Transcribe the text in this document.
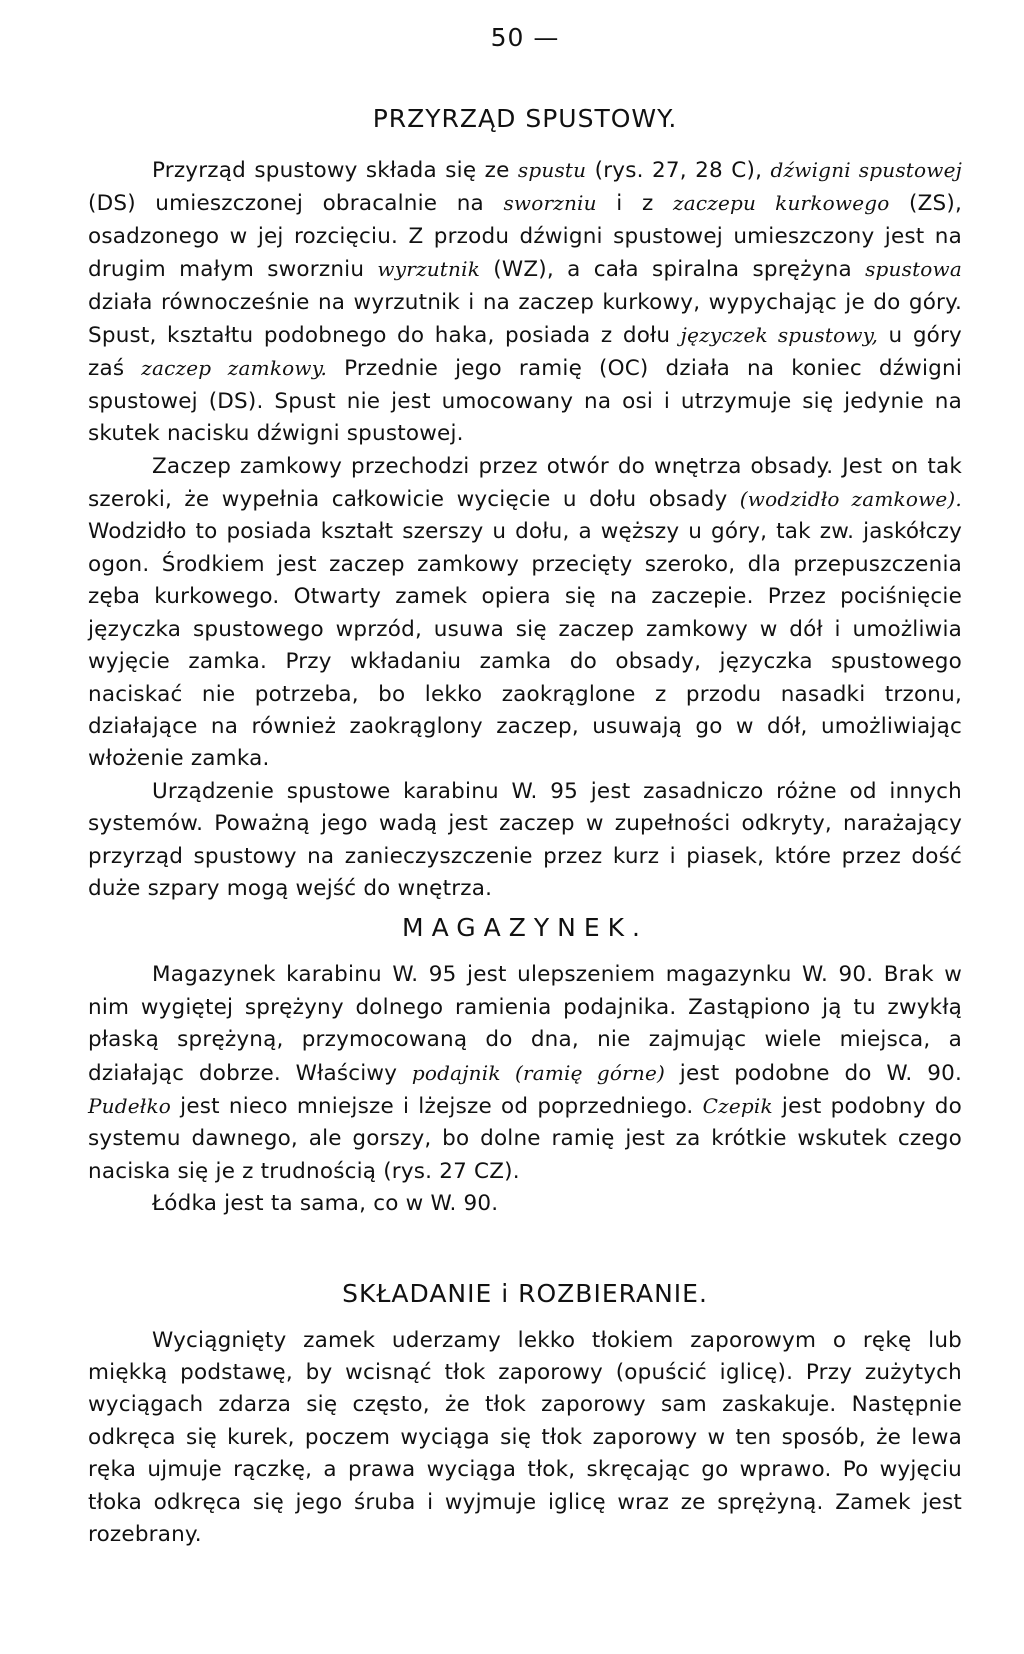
50 —
PRZYRZĄD SPUSTOWY.

Przyrząd spustowy składa się ze spustu (rys. 27, 28 C), dźwigni spustowej (DS) umieszczonej obracalnie na sworzniu i z zaczepu kurkowego (ZS), osadzonego w jej rozcięciu. Z przodu dźwigni spustowej umieszczony jest na drugim małym sworzniu wyrzutnik (WZ), a cała spiralna sprężyna spustowa działa równocześnie na wyrzutnik i na zaczep kurkowy, wypychając je do góry. Spust, kształtu podobnego do haka, posiada z dołu języczek spustowy, u góry zaś zaczep zamkowy. Przednie jego ramię (OC) działa na koniec dźwigni spustowej (DS). Spust nie jest umocowany na osi i utrzymuje się jedynie na skutek nacisku dźwigni spustowej.

Zaczep zamkowy przechodzi przez otwór do wnętrza obsady. Jest on tak szeroki, że wypełnia całkowicie wycięcie u dołu obsady (wodzidło zamkowe). Wodzidło to posiada kształt szerszy u dołu, a węższy u góry, tak zw. jaskółczy ogon. Środkiem jest zaczep zamkowy przecięty szeroko, dla przepuszczenia zęba kurkowego. Otwarty zamek opiera się na zaczepie. Przez pociśnięcie języczka spustowego wprzód, usuwa się zaczep zamkowy w dół i umożliwia wyjęcie zamka. Przy wkładaniu zamka do obsady, języczka spustowego naciskać nie potrzeba, bo lekko zaokrąglone z przodu nasadki trzonu, działające na również zaokrąglony zaczep, usuwają go w dół, umożliwiając włożenie zamka.

Urządzenie spustowe karabinu W. 95 jest zasadniczo różne od innych systemów. Poważną jego wadą jest zaczep w zupełności odkryty, narażający przyrząd spustowy na zanieczyszczenie przez kurz i piasek, które przez dość duże szpary mogą wejść do wnętrza.

MAGAZYNEK.

Magazynek karabinu W. 95 jest ulepszeniem magazynku W. 90. Brak w nim wygiętej sprężyny dolnego ramienia podajnika. Zastąpiono ją tu zwykłą płaską sprężyną, przymocowaną do dna, nie zajmując wiele miejsca, a działając dobrze. Właściwy podajnik (ramię górne) jest podobne do W. 90. Pudełko jest nieco mniejsze i lżejsze od poprzedniego. Czepik jest podobny do systemu dawnego, ale gorszy, bo dolne ramię jest za krótkie wskutek czego naciska się je z trudnością (rys. 27 CZ).

Łódka jest ta sama, co w W. 90.

SKŁADANIE i ROZBIERANIE.

Wyciągnięty zamek uderzamy lekko tłokiem zaporowym o rękę lub miękką podstawę, by wcisnąć tłok zaporowy (opuścić iglicę). Przy zużytych wyciągach zdarza się często, że tłok zaporowy sam zaskakuje. Następnie odkręca się kurek, poczem wyciąga się tłok zaporowy w ten sposób, że lewa ręka ujmuje rączkę, a prawa wyciąga tłok, skręcając go wprawo. Po wyjęciu tłoka odkręca się jego śruba i wyjmuje iglicę wraz ze sprężyną. Zamek jest rozebrany.
